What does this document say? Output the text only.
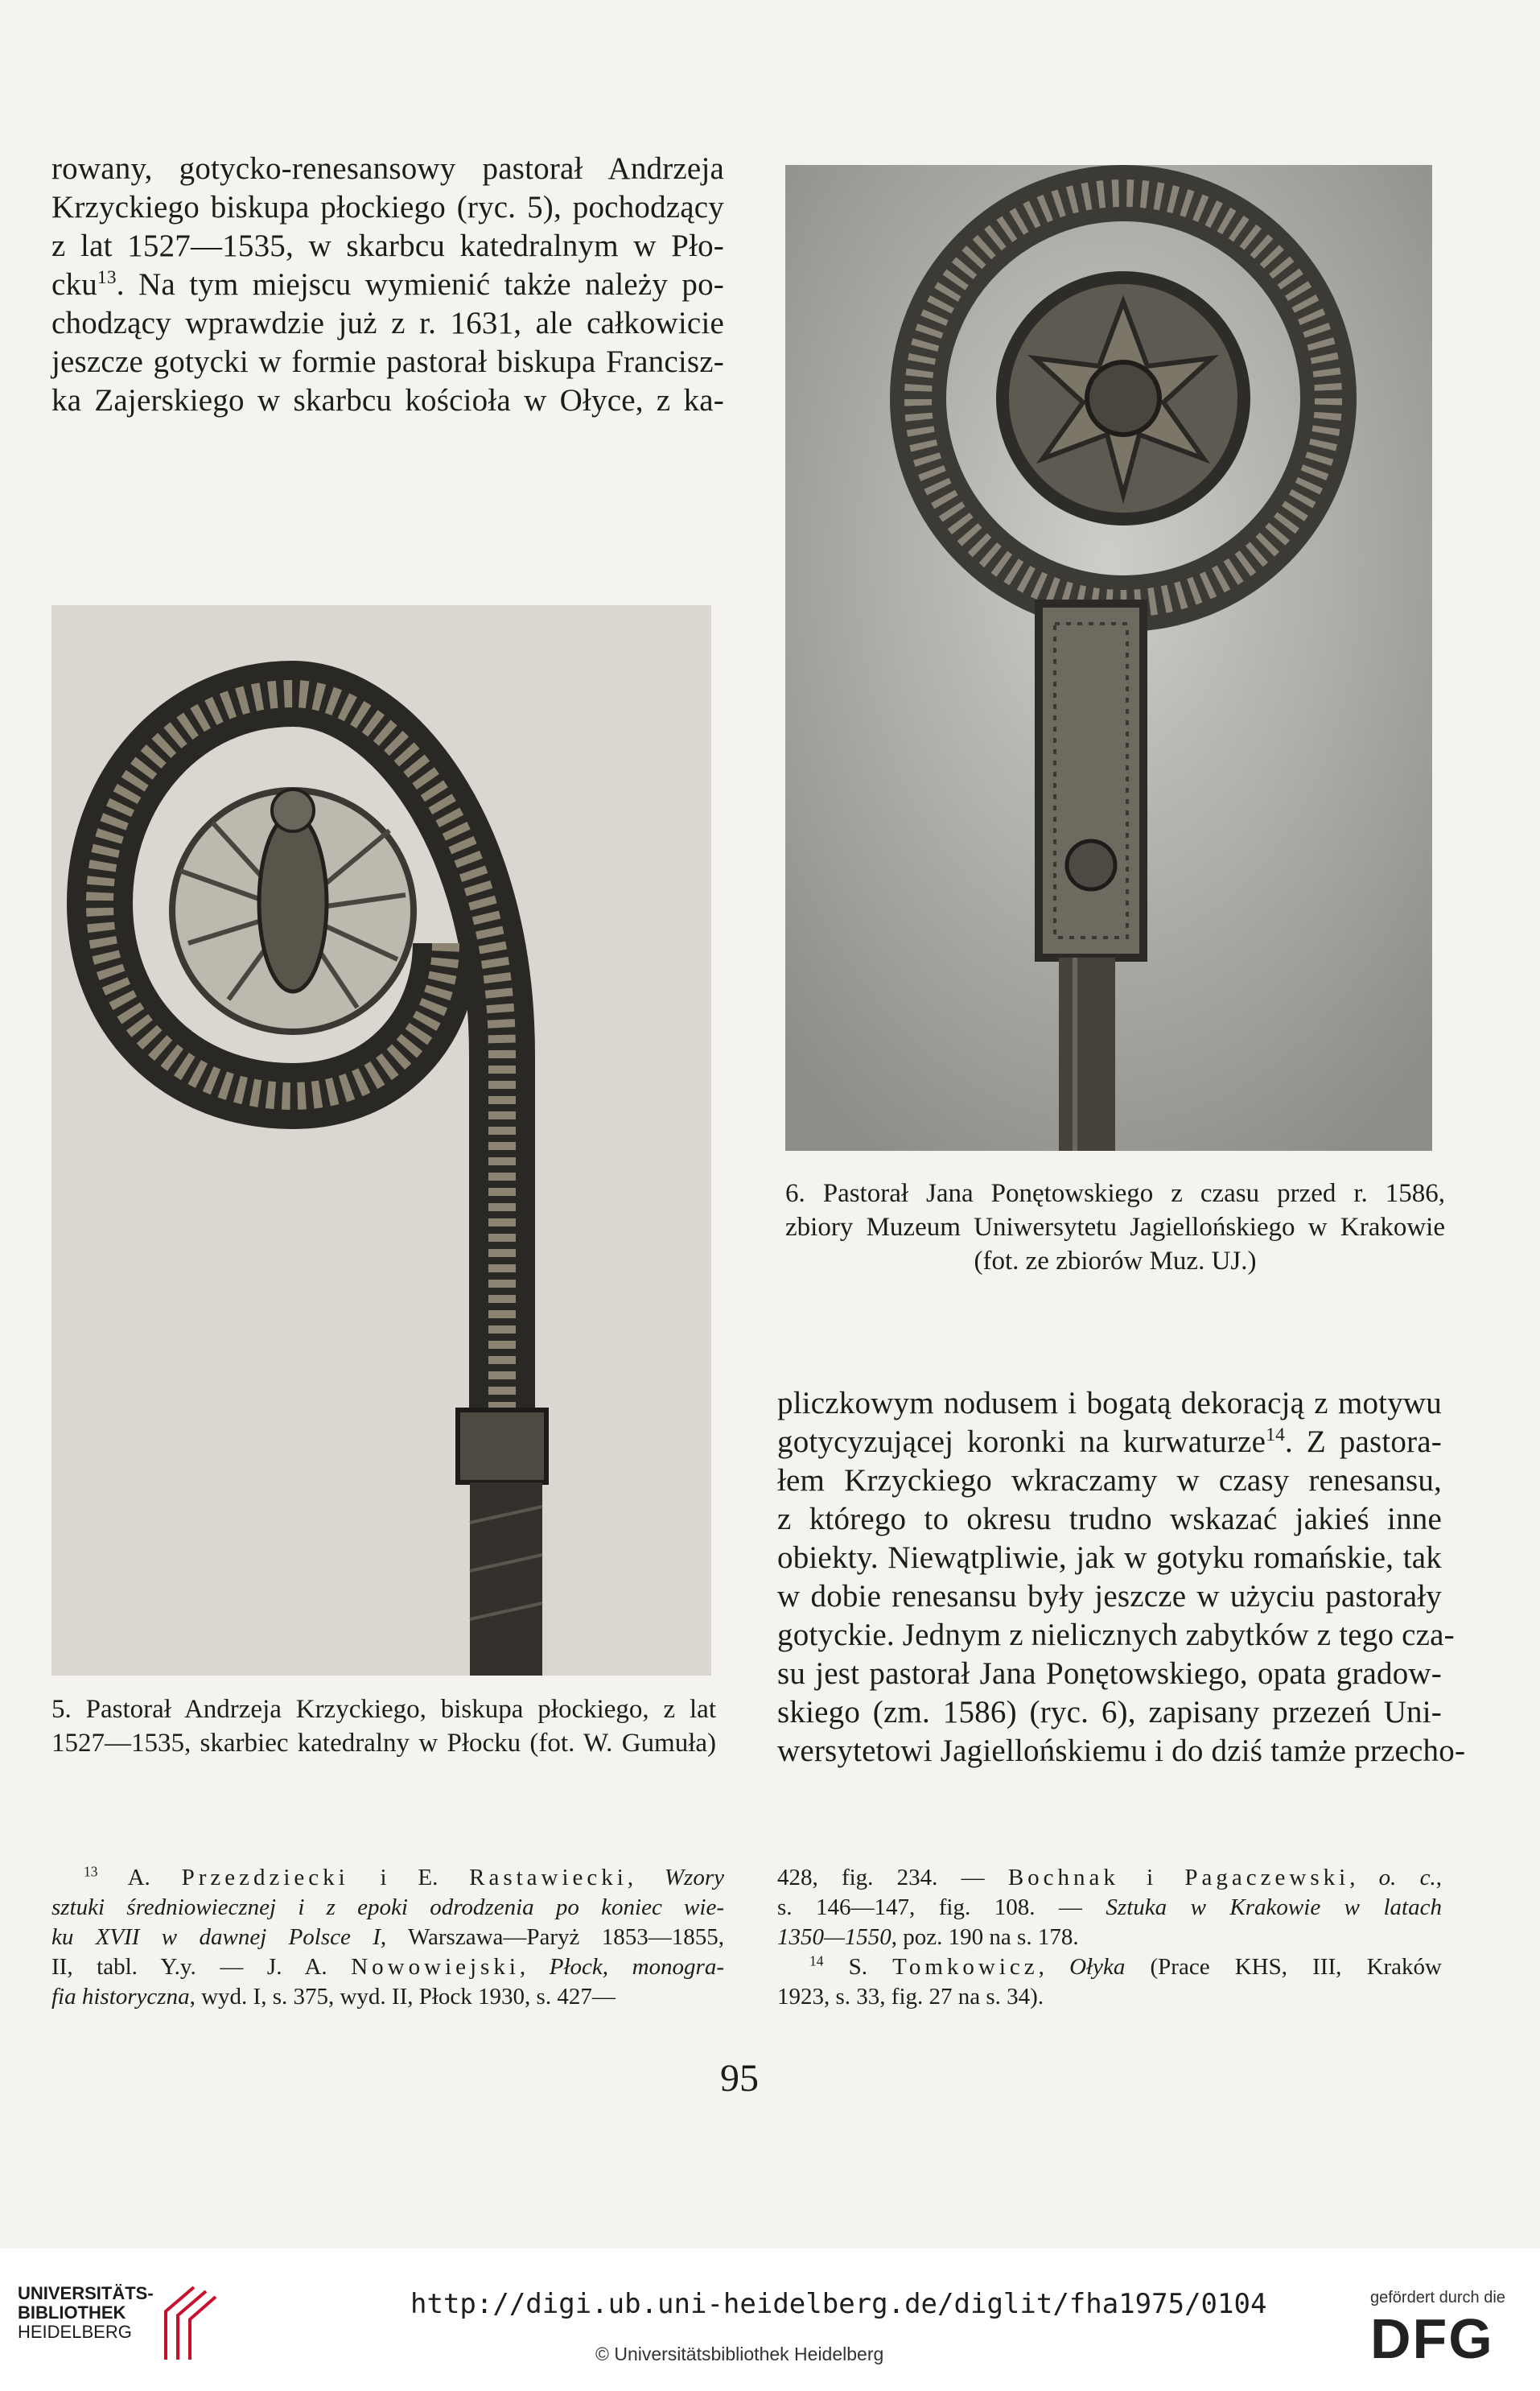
rowany, gotycko-renesansowy pastorał Andrzeja
Krzyckiego biskupa płockiego (ryc. 5), pochodzący
z lat 1527—1535, w skarbcu katedralnym w Pło-
cku$^{13}$. Na tym miejscu wymienić także należy po-
chodzący wprawdzie już z r. 1631, ale całkowicie
jeszcze gotycki w formie pastorał biskupa Francisz-
ka Zajerskiego w skarbcu kościoła w Ołyce, z ka-
6. Pastorał Jana Ponętowskiego z czasu przed r. 1586,
zbiory Muzeum Uniwersytetu Jagiellońskiego w Krakowie
(fot. ze zbiorów Muz. UJ.)
5. Pastorał Andrzeja Krzyckiego, biskupa płockiego, z lat
1527—1535, skarbiec katedralny w Płocku (fot. W. Gumuła)
pliczkowym nodusem i bogatą dekoracją z motywu
gotycyzującej koronki na kurwaturze$^{14}$. Z pastora-
łem Krzyckiego wkraczamy w czasy renesansu,
z którego to okresu trudno wskazać jakieś inne
obiekty. Niewątpliwie, jak w gotyku romańskie, tak
w dobie renesansu były jeszcze w użyciu pastorały
gotyckie. Jednym z nielicznych zabytków z tego cza-
su jest pastorał Jana Ponętowskiego, opata gradow-
skiego (zm. 1586) (ryc. 6), zapisany przezeń Uni-
wersytetowi Jagiellońskiemu i do dziś tamże przecho-
$^{13}$ A. Przezdziecki i E. Rastawiecki, Wzory
sztuki średniowiecznej i z epoki odrodzenia po koniec wie-
ku XVII w dawnej Polsce I, Warszawa—Paryż 1853—1855,
II, tabl. Y.y. — J. A. Nowowiejski, Płock, monogra-
fia historyczna, wyd. I, s. 375, wyd. II, Płock 1930, s. 427—
428, fig. 234. — Bochnak i Pagaczewski, o. c.,
s. 146—147, fig. 108. — Sztuka w Krakowie w latach
1350—1550, poz. 190 na s. 178.
$^{14}$ S. Tomkowicz, Ołyka (Prace KHS, III, Kraków
1923, s. 33, fig. 27 na s. 34).
95
UNIVERSITÄTS-
BIBLIOTHEK
HEIDELBERG
http://digi.ub.uni-heidelberg.de/diglit/fha1975/0104
© Universitätsbibliothek Heidelberg
gefördert durch die
DFG
